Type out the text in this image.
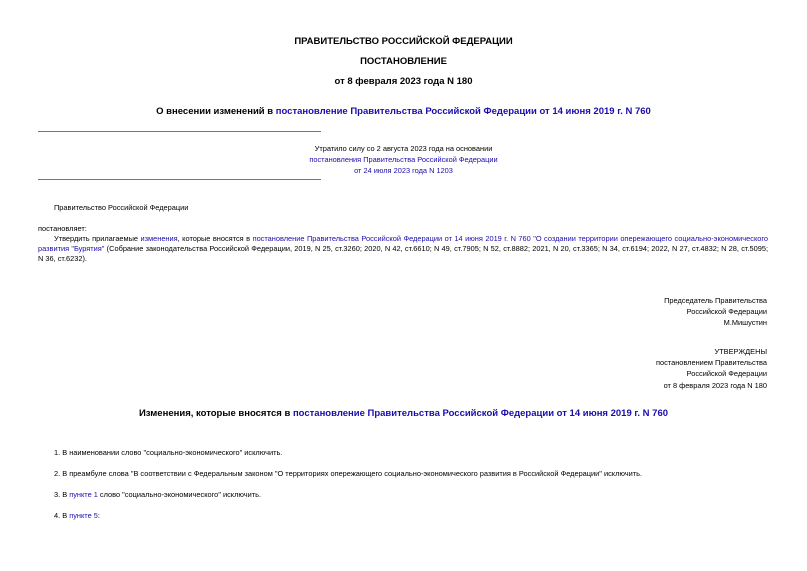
ПРАВИТЕЛЬСТВО РОССИЙСКОЙ ФЕДЕРАЦИИ
ПОСТАНОВЛЕНИЕ
от 8 февраля 2023 года N 180
О внесении изменений в постановление Правительства Российской Федерации от 14 июня 2019 г. N 760
Утратило силу со 2 августа 2023 года на основании
постановления Правительства Российской Федерации
от 24 июля 2023 года N 1203
Правительство Российской Федерации
постановляет:
Утвердить прилагаемые изменения, которые вносятся в постановление Правительства Российской Федерации от 14 июня 2019 г. N 760 "О создании территории опережающего социально-экономического развития "Бурятия" (Собрание законодательства Российской Федерации, 2019, N 25, ст.3260; 2020, N 42, ст.6610; N 49, ст.7905; N 52, ст.8882; 2021, N 20, ст.3365; N 34, ст.6194; 2022, N 27, ст.4832; N 28, ст.5095; N 36, ст.6232).
Председатель Правительства
Российской Федерации
М.Мишустин
УТВЕРЖДЕНЫ
постановлением Правительства
Российской Федерации
от 8 февраля 2023 года N 180
Изменения, которые вносятся в постановление Правительства Российской Федерации от 14 июня 2019 г. N 760
1. В наименовании слово "социально-экономического" исключить.
2. В преамбуле слова "В соответствии с Федеральным законом "О территориях опережающего социально-экономического развития в Российской Федерации" исключить.
3. В пункте 1 слово "социально-экономического" исключить.
4. В пункте 5:
